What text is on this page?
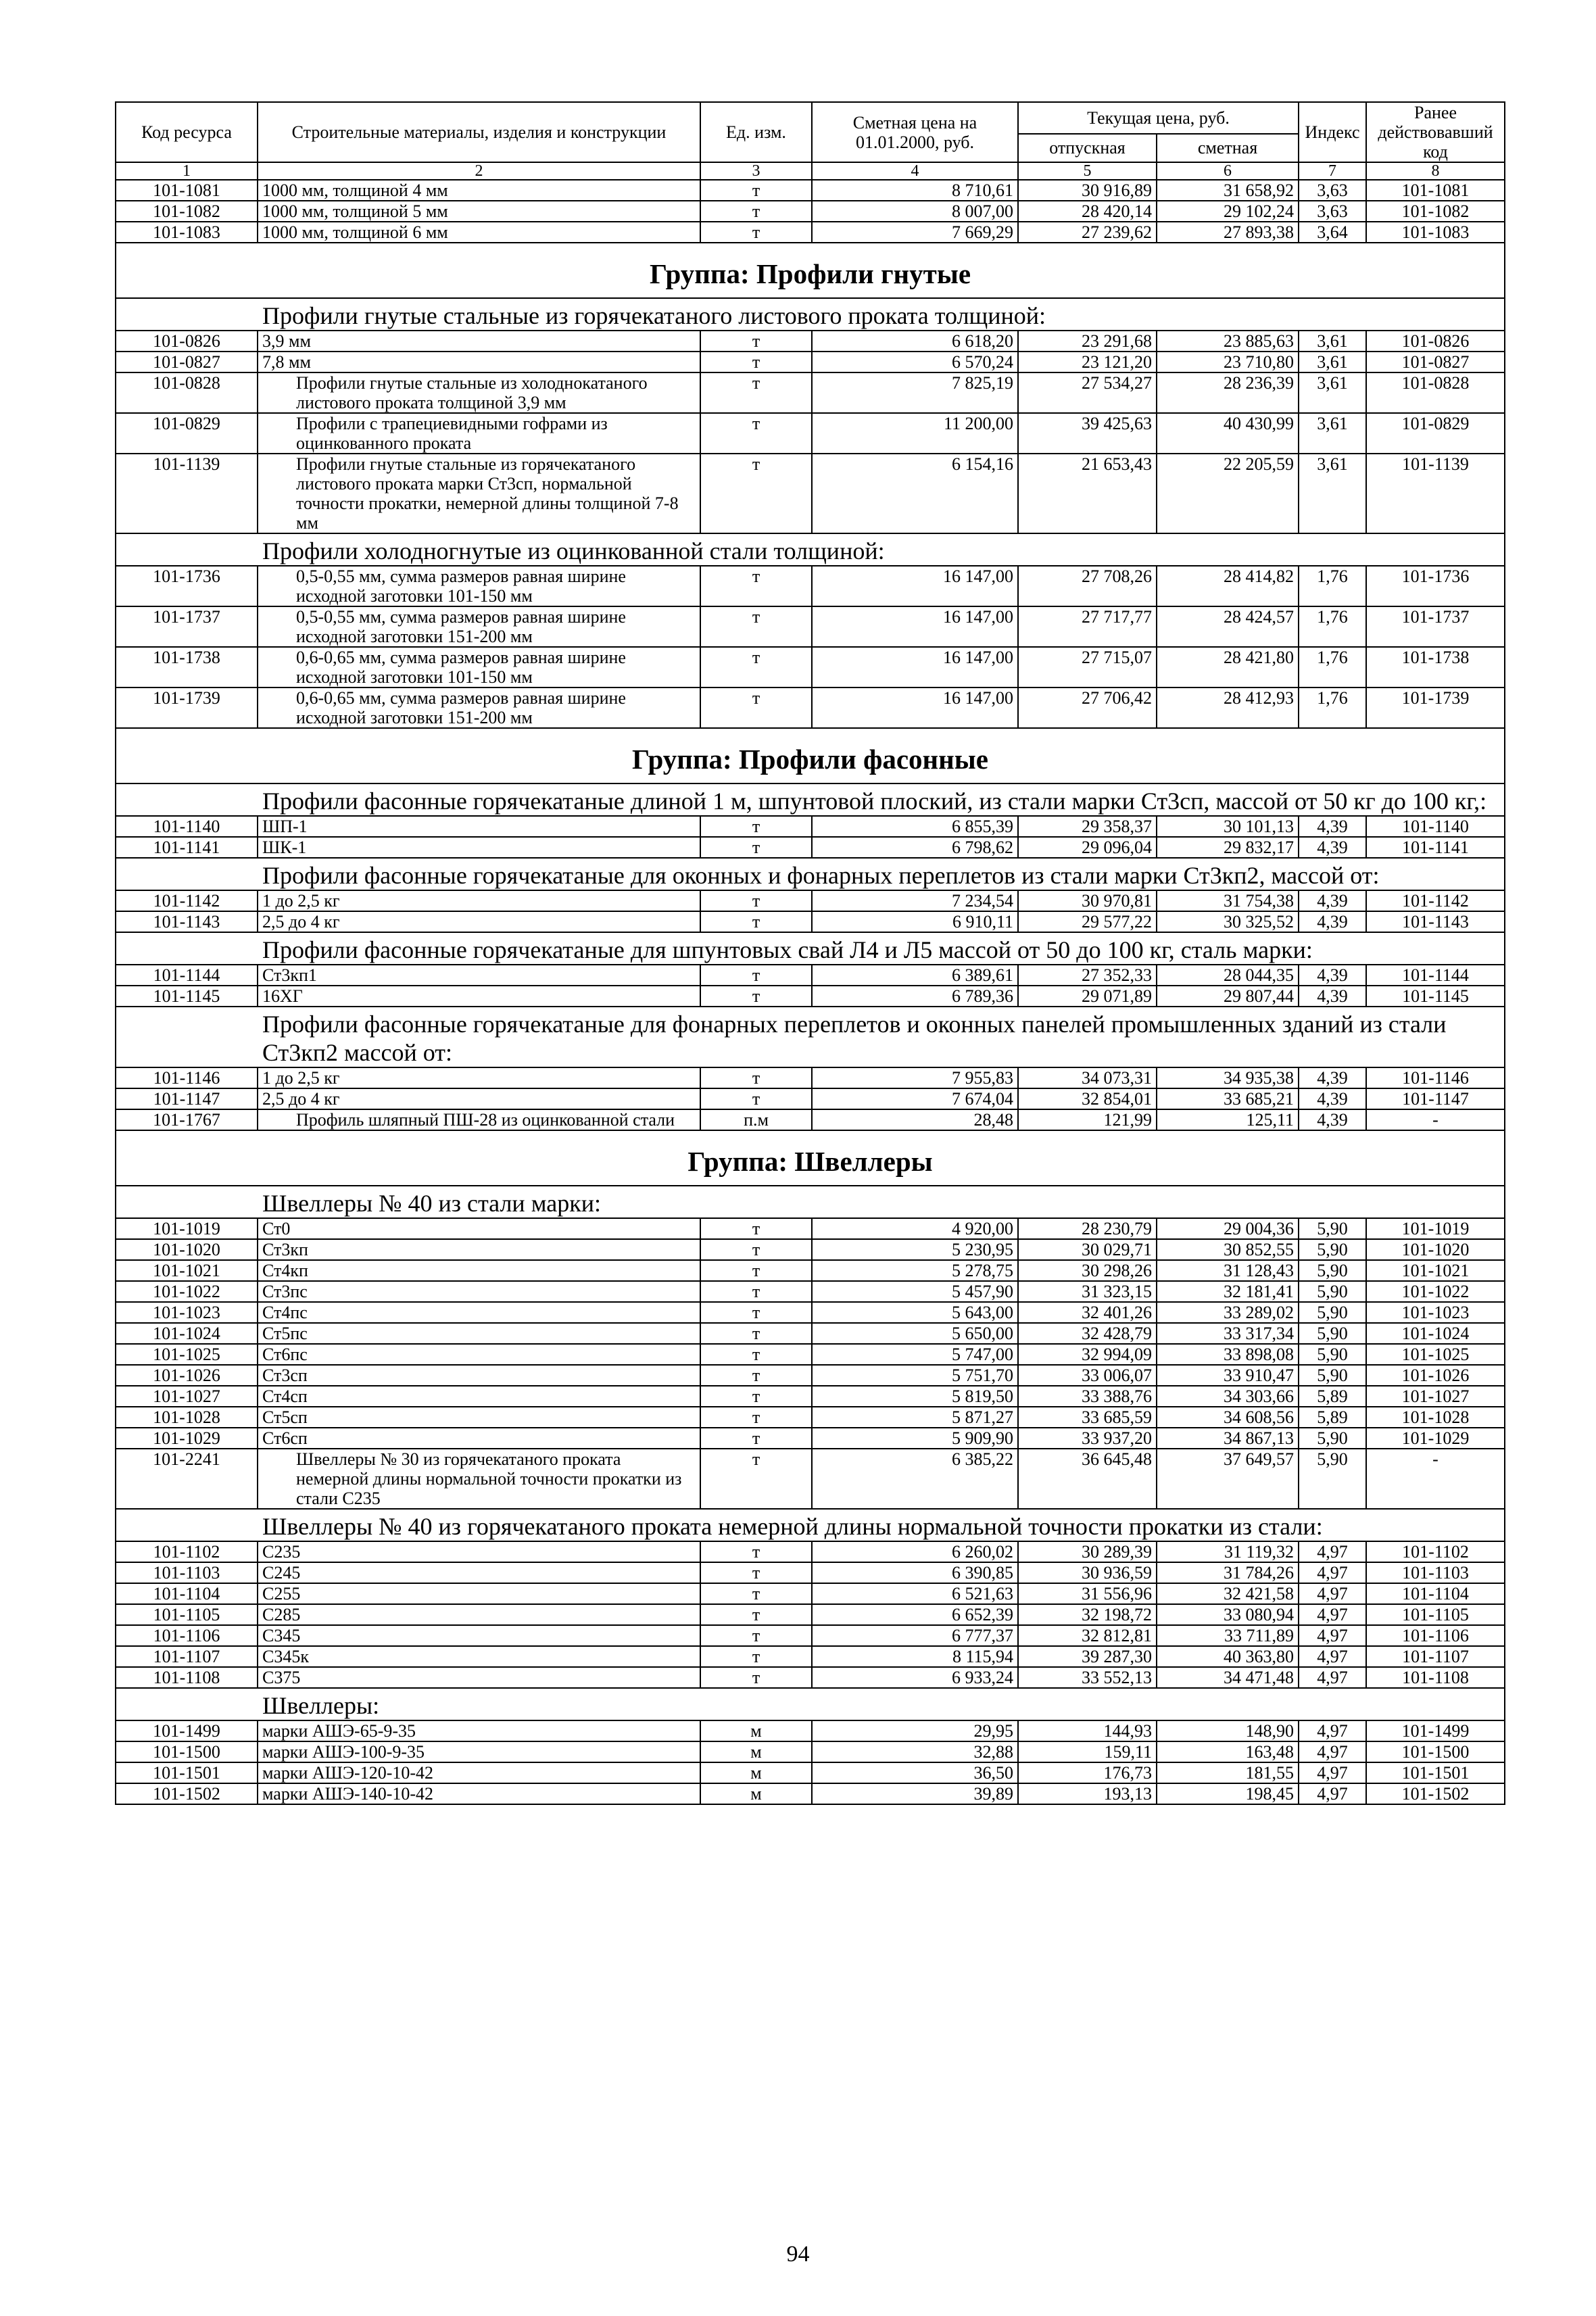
Код ресурса	Строительные материалы, изделия и конструкции	Ед. изм.	Сметная цена на 01.01.2000, руб.	Текущая цена, руб.		Индекс	Ранее действовавший код
				отпускная	сметная		
1	2	3	4	5	6	7	8
101-1081	1000 мм, толщиной 4 мм	т	8 710,61	30 916,89	31 658,92	3,63	101-1081
101-1082	1000 мм, толщиной 5 мм	т	8 007,00	28 420,14	29 102,24	3,63	101-1082
101-1083	1000 мм, толщиной 6 мм	т	7 669,29	27 239,62	27 893,38	3,64	101-1083
Группа: Профили гнутые							

Профили гнутые стальные из горячекатаного листового проката толщиной:							

101-0826	3,9 мм	т	6 618,20	23 291,68	23 885,63	3,61	101-0826
101-0827	7,8 мм	т	6 570,24	23 121,20	23 710,80	3,61	101-0827
101-0828	Профили гнутые стальные из холоднокатаного листового проката толщиной 3,9 мм	т	7 825,19	27 534,27	28 236,39	3,61	101-0828
101-0829	Профили с трапециевидными гофрами из оцинкованного проката	т	11 200,00	39 425,63	40 430,99	3,61	101-0829
101-1139	Профили гнутые стальные из горячекатаного листового проката марки Ст3сп, нормальной точности прокатки, немерной длины толщиной 7-8 мм	т	6 154,16	21 653,43	22 205,59	3,61	101-1139

Профили холодногнутые из оцинкованной стали толщиной:							

101-1736	0,5-0,55 мм, сумма размеров равная ширине исходной заготовки 101-150 мм	т	16 147,00	27 708,26	28 414,82	1,76	101-1736
101-1737	0,5-0,55 мм, сумма размеров равная ширине исходной заготовки 151-200 мм	т	16 147,00	27 717,77	28 424,57	1,76	101-1737
101-1738	0,6-0,65 мм, сумма размеров равная ширине исходной заготовки 101-150 мм	т	16 147,00	27 715,07	28 421,80	1,76	101-1738
101-1739	0,6-0,65 мм, сумма размеров равная ширине исходной заготовки 151-200 мм	т	16 147,00	27 706,42	28 412,93	1,76	101-1739
Группа: Профили фасонные							

Профили фасонные горячекатаные длиной 1 м, шпунтовой плоский, из стали марки Ст3сп, массой от 50 кг до 100 кг,:							

101-1140	ШП-1	т	6 855,39	29 358,37	30 101,13	4,39	101-1140
101-1141	ШК-1	т	6 798,62	29 096,04	29 832,17	4,39	101-1141

Профили фасонные горячекатаные для оконных и фонарных переплетов из стали марки Ст3кп2, массой от:							

101-1142	1 до 2,5 кг	т	7 234,54	30 970,81	31 754,38	4,39	101-1142
101-1143	2,5 до 4 кг	т	6 910,11	29 577,22	30 325,52	4,39	101-1143

Профили фасонные горячекатаные для шпунтовых свай Л4 и Л5 массой от 50 до 100 кг, сталь марки:							

101-1144	Ст3кп1	т	6 389,61	27 352,33	28 044,35	4,39	101-1144
101-1145	16ХГ	т	6 789,36	29 071,89	29 807,44	4,39	101-1145

Профили фасонные горячекатаные для фонарных переплетов и оконных панелей промышленных зданий из стали Ст3кп2 массой от:							

101-1146	1 до 2,5 кг	т	7 955,83	34 073,31	34 935,38	4,39	101-1146
101-1147	2,5 до 4 кг	т	7 674,04	32 854,01	33 685,21	4,39	101-1147
101-1767	Профиль шляпный ПШ-28 из оцинкованной стали	п.м	28,48	121,99	125,11	4,39	-
Группа: Швеллеры							

Швеллеры № 40 из стали марки:							

101-1019	Ст0	т	4 920,00	28 230,79	29 004,36	5,90	101-1019
101-1020	Ст3кп	т	5 230,95	30 029,71	30 852,55	5,90	101-1020
101-1021	Ст4кп	т	5 278,75	30 298,26	31 128,43	5,90	101-1021
101-1022	Ст3пс	т	5 457,90	31 323,15	32 181,41	5,90	101-1022
101-1023	Ст4пс	т	5 643,00	32 401,26	33 289,02	5,90	101-1023
101-1024	Ст5пс	т	5 650,00	32 428,79	33 317,34	5,90	101-1024
101-1025	Ст6пс	т	5 747,00	32 994,09	33 898,08	5,90	101-1025
101-1026	Ст3сп	т	5 751,70	33 006,07	33 910,47	5,90	101-1026
101-1027	Ст4сп	т	5 819,50	33 388,76	34 303,66	5,89	101-1027
101-1028	Ст5сп	т	5 871,27	33 685,59	34 608,56	5,89	101-1028
101-1029	Ст6сп	т	5 909,90	33 937,20	34 867,13	5,90	101-1029
101-2241	Швеллеры № 30 из горячекатаного проката немерной длины нормальной точности прокатки из стали С235	т	6 385,22	36 645,48	37 649,57	5,90	-

Швеллеры № 40 из горячекатаного проката немерной длины нормальной точности прокатки из стали:							

101-1102	С235	т	6 260,02	30 289,39	31 119,32	4,97	101-1102
101-1103	С245	т	6 390,85	30 936,59	31 784,26	4,97	101-1103
101-1104	С255	т	6 521,63	31 556,96	32 421,58	4,97	101-1104
101-1105	С285	т	6 652,39	32 198,72	33 080,94	4,97	101-1105
101-1106	С345	т	6 777,37	32 812,81	33 711,89	4,97	101-1106
101-1107	С345к	т	8 115,94	39 287,30	40 363,80	4,97	101-1107
101-1108	С375	т	6 933,24	33 552,13	34 471,48	4,97	101-1108

Швеллеры:							

101-1499	марки АШЭ-65-9-35	м	29,95	144,93	148,90	4,97	101-1499
101-1500	марки АШЭ-100-9-35	м	32,88	159,11	163,48	4,97	101-1500
101-1501	марки АШЭ-120-10-42	м	36,50	176,73	181,55	4,97	101-1501
101-1502	марки АШЭ-140-10-42	м	39,89	193,13	198,45	4,97	101-1502
94
